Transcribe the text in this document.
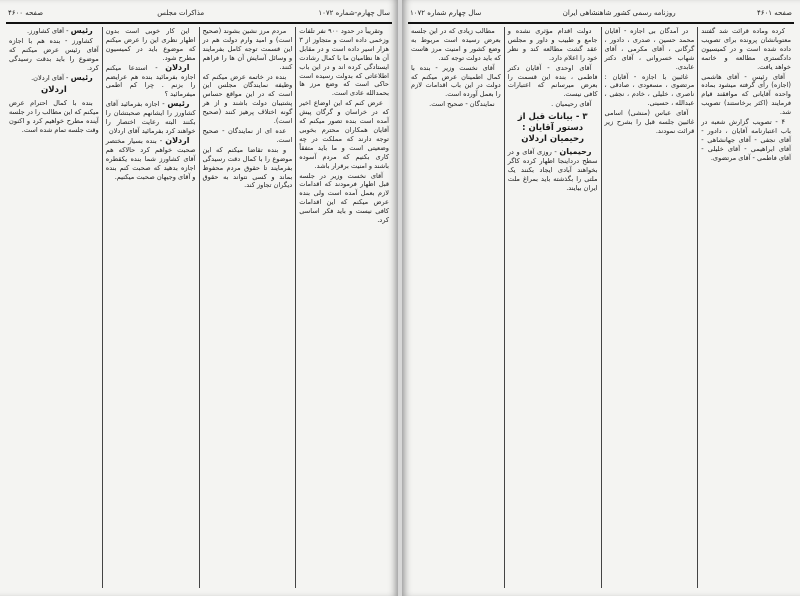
سال چهارم-شماره ۱۰۷۲
مذاکرات مجلس
صفحه ۴۶۰۰

وتقریباً در حدود ۹۰۰ نفر تلفات وزخمی داده است و متجاوز از ۳ هزار اسیر داده است و در مقابل آن ها نظامیان ما با کمال رشادت ایستادگی کرده اند و در این باب اطلاعاتی که بدولت رسیده است حاکی است که وضع مرز ها بحمدالله عادی است.

عرض کنم که این اوضاع اخیر که در خراسان و گرگان پیش آمده است بنده تصور میکنم که آقایان همکاران محترم بخوبی توجه دارند که مملکت در چه وضعیتی است و ما باید متفقاً کاری بکنیم که مردم آسوده باشند و امنیت برقرار باشد.

آقای نخست وزیر در جلسه قبل اظهار فرمودند که اقدامات لازم بعمل آمده است ولی بنده عرض میکنم که این اقدامات کافی نیست و باید فکر اساسی کرد.

مردم مرز نشین بشوند (صحیح است) و امید وارم دولت هم در این قسمت توجه کامل بفرمایند و وسائل آسایش آن ها را فراهم کنند.

بنده در خاتمه عرض میکنم که وظیفه نمایندگان مجلس این است که در این مواقع حساس پشتیبان دولت باشند و از هر گونه اختلاف پرهیز کنند (صحیح است).

عده ای از نمایندگان - صحیح است.

و بنده تقاضا میکنم که این موضوع را با کمال دقت رسیدگی بفرمایند تا حقوق مردم محفوظ بماند و کسی نتواند به حقوق دیگران تجاوز کند.

این کار خوبی است بدون اظهار نظری این را عرض میکنم که موضوع باید در کمیسیون مطرح شود.

اردلان - استدعا میکنم اجازه بفرمائید بنده هم عرایضم را بزنم . چرا کم اطمی میفرمائید ؟

رئیس - اجازه بفرمائید آقای کشاورز را ایشانهم صحبتشان را بکنند البته رعایت اختصار را خواهند کرد بفرمائید آقای اردلان

اردلان - بنده بسیار مختصر صحبت خواهم کرد حالاکه هم آقای کشاورز شما بنده یکقطره اجازه بدهید که صحبت کنم بنده و آقای وجیهان صحبت میکنیم.

رئیس - آقای کشاورز.

کشاورز - بنده هم با اجازه آقای رئیس عرض میکنم که موضوع را باید بدقت رسیدگی کرد.

رئیس - آقای اردلان.

اردلان

بنده با کمال احترام عرض میکنم که این مطالب را در جلسه آینده مطرح خواهیم کرد و اکنون وقت جلسه تمام شده است.

صفحه ۴۶۰۱
روزنامه رسمی کشور شاهنشاهی ایران
سال چهارم شماره ۱۰۷۲

کرده وماده قرائت شد گفتند معتوبانشان پرونده برای تصویب داده شده است و در کمیسیون دادگستری مطالعه و خاتمه خواهد یافت.

آقای رئیس - آقای هاشمی (اجازه) رأی گرفته میشود بماده واحده آقایانی که موافقند قیام فرمایند (اکثر برخاستند) تصویب شد.

۴ - تصویب گزارش شعبه در باب اعتبارنامه آقایان ، دادور - آقای نجفی - آقای جهانشاهی - آقای ابراهیمی - آقای خلیلی - آقای فاطمی - آقای مرتضوی.

در آمدگان بی اجازه - آقایان محمد حسین ، صدری ، دادور ، گرگانی ، آقای مکرمی ، آقای شهاب خسروانی ، آقای دکتر عابدی.

غائبین با اجازه - آقایان : مرتضوی ، مسعودی ، صادقی ، ناصری ، خلیلی ، خادم ، نجفی ، عبدالله ، حسینی.

آقای عباس (منشی) اسامی غائبین جلسه قبل را بشرح زیر قرائت نمودند.

دولت اقدام مؤثری نشده و جامع و طبیب و داور و مجلس عقد گشت مطالعه کند و نظر خود را اعلام دارد.

آقای اوحدی - آقایان دکتر فاطمی ، بنده این قسمت را بعرض میرسانم که اعتبارات کافی نیست.

آقای رحیمیان .

۳ - بیانات قبل از دستور آقایان : رحیمیان اردلان

رحیمیان - روزی آقای و در سطح درداینجا اظهار کرده کاگر بخواهند آبادی ایجاد بکنند یک ملتی را بگذشته باید بمراغ ملت ایران بیایند.

مطالب زیادی که در این جلسه بعرض رسیده است مربوط به وضع کشور و امنیت مرز هاست که باید دولت توجه کند.

آقای نخست وزیر - بنده با کمال اطمینان عرض میکنم که دولت در این باب اقدامات لازم را بعمل آورده است.

نمایندگان - صحیح است.
